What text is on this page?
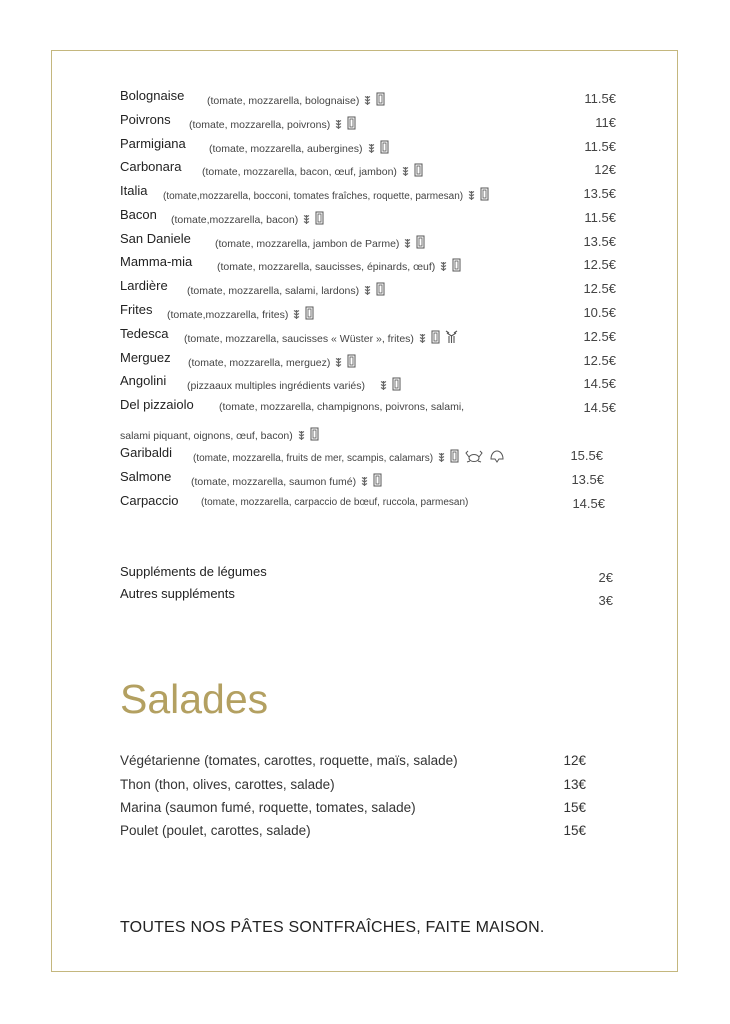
Bolognaise (tomate, mozzarella, bolognaise)	11.5€
Poivrons (tomate, mozzarella, poivrons)	11€
Parmigiana (tomate, mozzarella, aubergines)	11.5€
Carbonara (tomate, mozzarella, bacon, œuf, jambon)	12€
Italia (tomate,mozzarella, bocconi, tomates fraîches, roquette, parmesan)	13.5€
Bacon (tomate,mozzarella, bacon)	11.5€
San Daniele (tomate, mozzarella, jambon de Parme)	13.5€
Mamma-mia (tomate, mozzarella, saucisses, épinards, œuf)	12.5€
Lardière (tomate, mozzarella, salami, lardons)	12.5€
Frites (tomate,mozzarella, frites)	10.5€
Tedesca (tomate, mozzarella, saucisses « Wüster », frites)	12.5€
Merguez (tomate, mozzarella, merguez)	12.5€
Angolini (pizzaaux multiples ingrédients variés)	14.5€
Del pizzaiolo (tomate, mozzarella, champignons, poivrons, salami,	14.5€
salami piquant, oignons, œuf, bacon)
Garibaldi (tomate, mozzarella, fruits de mer, scampis, calamars)	15.5€
Salmone (tomate, mozzarella, saumon fumé)	13.5€
Carpaccio (tomate, mozzarella, carpaccio de bœuf, ruccola, parmesan)	14.5€
Suppléments de légumes	2€
Autres suppléments	3€
Salades
Végétarienne (tomates, carottes, roquette, maïs, salade)	12€
Thon (thon, olives, carottes, salade)	13€
Marina (saumon fumé, roquette, tomates, salade)	15€
Poulet (poulet, carottes, salade)	15€
TOUTES NOS PÂTES SONTFRAÎCHES, FAITE MAISON.
